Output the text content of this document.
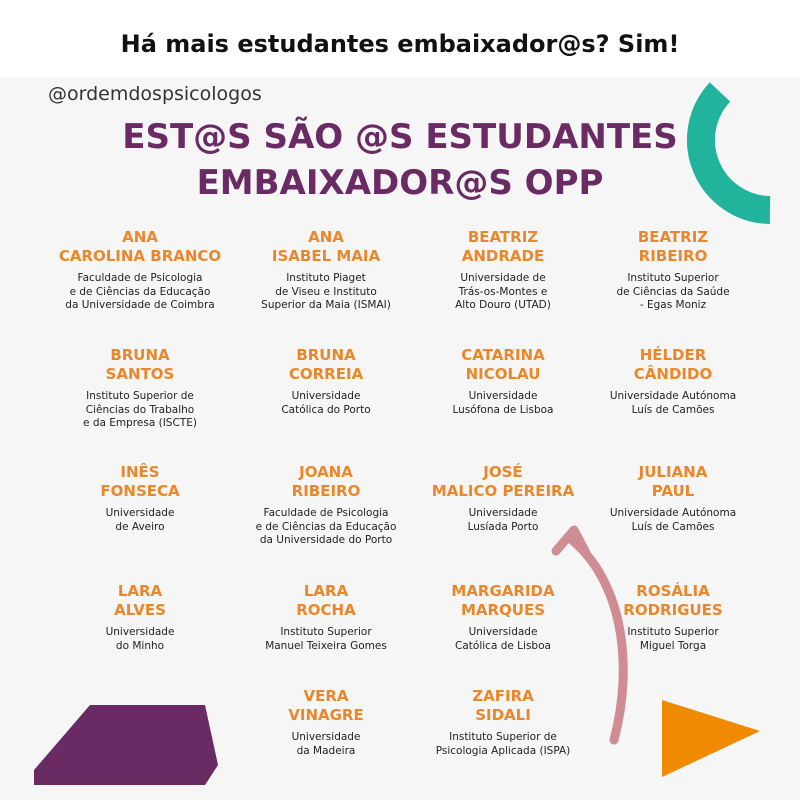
Há mais estudantes embaixador@s? Sim!
@ordemdospsicologos
EST@S SÃO @S ESTUDANTES
EMBAIXADOR@S OPP
ANA
CAROLINA BRANCO
Faculdade de Psicologia
e de Ciências da Educação
da Universidade de Coimbra
ANA
ISABEL MAIA
Instituto Piaget
de Viseu e Instituto
Superior da Maia (ISMAI)
BEATRIZ
ANDRADE
Universidade de
Trás-os-Montes e
Alto Douro (UTAD)
BEATRIZ
RIBEIRO
Instituto Superior
de Ciências da Saúde
- Egas Moniz
BRUNA
SANTOS
Instituto Superior de
Ciências do Trabalho
e da Empresa (ISCTE)
BRUNA
CORREIA
Universidade
Católica do Porto
CATARINA
NICOLAU
Universidade
Lusófona de Lisboa
HÉLDER
CÂNDIDO
Universidade Autónoma
Luís de Camões
INÊS
FONSECA
Universidade
de Aveiro
JOANA
RIBEIRO
Faculdade de Psicologia
e de Ciências da Educação
da Universidade do Porto
JOSÉ
MALICO PEREIRA
Universidade
Lusíada Porto
JULIANA
PAUL
Universidade Autónoma
Luís de Camões
LARA
ALVES
Universidade
do Minho
LARA
ROCHA
Instituto Superior
Manuel Teixeira Gomes
MARGARIDA
MARQUES
Universidade
Católica de Lisboa
ROSÁLIA
RODRIGUES
Instituto Superior
Miguel Torga
VERA
VINAGRE
Universidade
da Madeira
ZAFIRA
SIDALI
Instituto Superior de
Psicologia Aplicada (ISPA)
